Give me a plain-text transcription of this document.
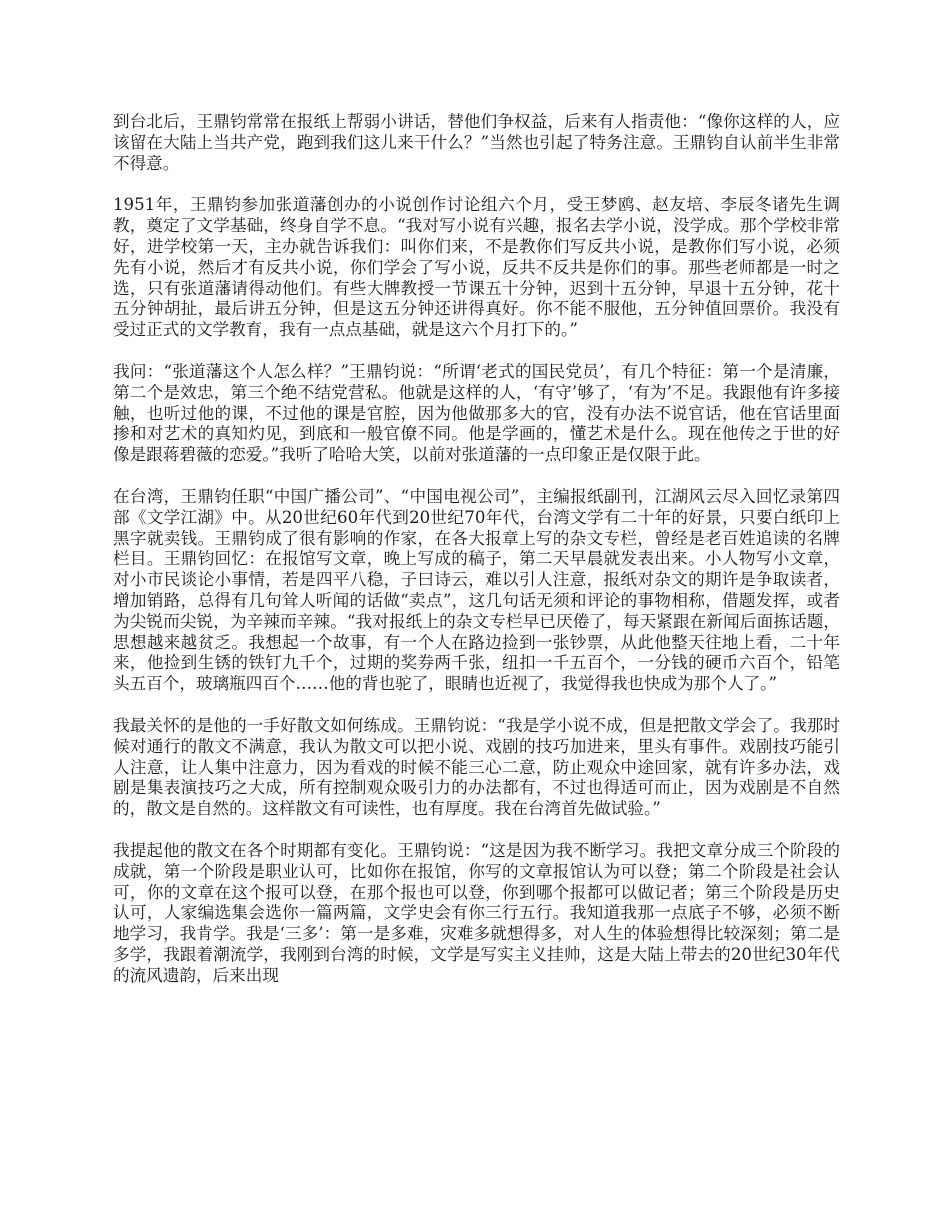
到台北后，王鼎钧常常在报纸上帮弱小讲话，替他们争权益，后来有人指责他：“像你这样的人，应该留在大陆上当共产党，跑到我们这儿来干什么？”当然也引起了特务注意。王鼎钧自认前半生非常不得意。

1951年，王鼎钧参加张道藩创办的小说创作讨论组六个月，受王梦鸥、赵友培、李辰冬诸先生调教，奠定了文学基础，终身自学不息。“我对写小说有兴趣，报名去学小说，没学成。那个学校非常好，进学校第一天，主办就告诉我们：叫你们来，不是教你们写反共小说，是教你们写小说，必须先有小说，然后才有反共小说，你们学会了写小说，反共不反共是你们的事。那些老师都是一时之选，只有张道藩请得动他们。有些大牌教授一节课五十分钟，迟到十五分钟，早退十五分钟，花十五分钟胡扯，最后讲五分钟，但是这五分钟还讲得真好。你不能不服他，五分钟值回票价。我没有受过正式的文学教育，我有一点点基础，就是这六个月打下的。”

我问：“张道藩这个人怎么样？”王鼎钧说：“所谓‘老式的国民党员’，有几个特征：第一个是清廉，第二个是效忠，第三个绝不结党营私。他就是这样的人，‘有守’够了，‘有为’不足。我跟他有许多接触，也听过他的课，不过他的课是官腔，因为他做那多大的官，没有办法不说官话，他在官话里面掺和对艺术的真知灼见，到底和一般官僚不同。他是学画的，懂艺术是什么。现在他传之于世的好像是跟蒋碧薇的恋爱。”我听了哈哈大笑，以前对张道藩的一点印象正是仅限于此。

在台湾，王鼎钧任职“中国广播公司”、“中国电视公司”，主编报纸副刊，江湖风云尽入回忆录第四部《文学江湖》中。从20世纪60年代到20世纪70年代，台湾文学有二十年的好景，只要白纸印上黑字就卖钱。王鼎钧成了很有影响的作家，在各大报章上写的杂文专栏，曾经是老百姓追读的名牌栏目。王鼎钧回忆：在报馆写文章，晚上写成的稿子，第二天早晨就发表出来。小人物写小文章，对小市民谈论小事情，若是四平八稳，子曰诗云，难以引人注意，报纸对杂文的期许是争取读者，增加销路，总得有几句耸人听闻的话做“卖点”，这几句话无须和评论的事物相称，借题发挥，或者为尖锐而尖锐，为辛辣而辛辣。“我对报纸上的杂文专栏早已厌倦了，每天紧跟在新闻后面拣话题，思想越来越贫乏。我想起一个故事，有一个人在路边捡到一张钞票，从此他整天往地上看，二十年来，他捡到生锈的铁钉九千个，过期的奖券两千张，纽扣一千五百个，一分钱的硬币六百个，铅笔头五百个，玻璃瓶四百个……他的背也驼了，眼睛也近视了，我觉得我也快成为那个人了。”

我最关怀的是他的一手好散文如何练成。王鼎钧说：“我是学小说不成，但是把散文学会了。我那时候对通行的散文不满意，我认为散文可以把小说、戏剧的技巧加进来，里头有事件。戏剧技巧能引人注意，让人集中注意力，因为看戏的时候不能三心二意，防止观众中途回家，就有许多办法，戏剧是集表演技巧之大成，所有控制观众吸引力的办法都有，不过也得适可而止，因为戏剧是不自然的，散文是自然的。这样散文有可读性，也有厚度。我在台湾首先做试验。”

我提起他的散文在各个时期都有变化。王鼎钧说：“这是因为我不断学习。我把文章分成三个阶段的成就，第一个阶段是职业认可，比如你在报馆，你写的文章报馆认为可以登；第二个阶段是社会认可，你的文章在这个报可以登，在那个报也可以登，你到哪个报都可以做记者；第三个阶段是历史认可，人家编选集会选你一篇两篇，文学史会有你三行五行。我知道我那一点底子不够，必须不断地学习，我肯学。我是‘三多’：第一是多难，灾难多就想得多，对人生的体验想得比较深刻；第二是多学，我跟着潮流学，我刚到台湾的时候，文学是写实主义挂帅，这是大陆上带去的20世纪30年代的流风遗韵，后来出现
